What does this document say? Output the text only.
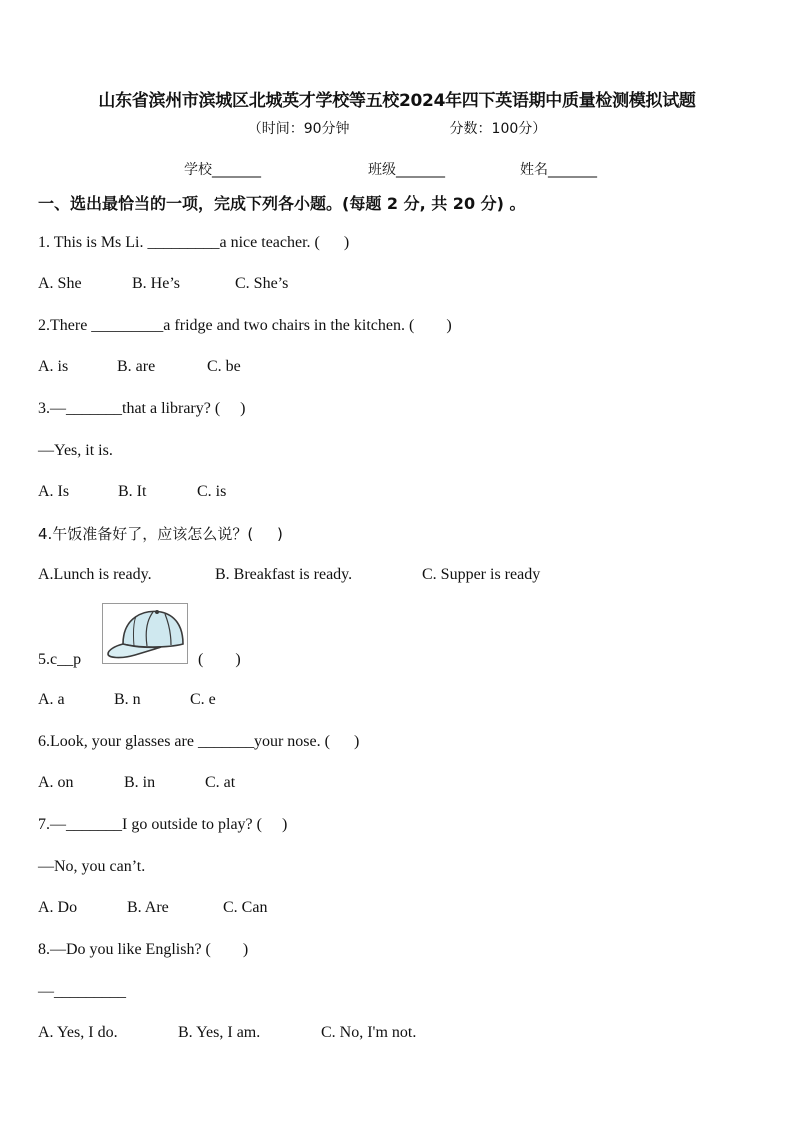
山东省滨州市滨城区北城英才学校等五校2024年四下英语期中质量检测模拟试题
（时间：90分钟	分数：100分）
学校_______	班级_______	姓名_______
一、选出最恰当的一项，完成下列各小题。(每题 2 分, 共 20 分) 。
1. This is Ms Li. _________a nice teacher. (      )
A. She	B. He’s	C. She’s
2.There _________a fridge and two chairs in the kitchen. (        )
A. is	B. are	C. be
3.—_______that a library? (     )
—Yes, it is.
A. Is	B. It	C. is
4.午饭准备好了，应该怎么说？(     )
A.Lunch is ready.	B. Breakfast is ready.	C. Supper is ready
5.c__p	(        )
A. a	B. n	C. e
6.Look, your glasses are _______your nose. (      )
A. on	B. in	C. at
7.—_______I go outside to play? (     )
—No, you can’t.
A. Do	B. Are	C. Can
8.—Do you like English? (        )
—_________
A. Yes, I do.	B. Yes, I am.	C. No, I'm not.
